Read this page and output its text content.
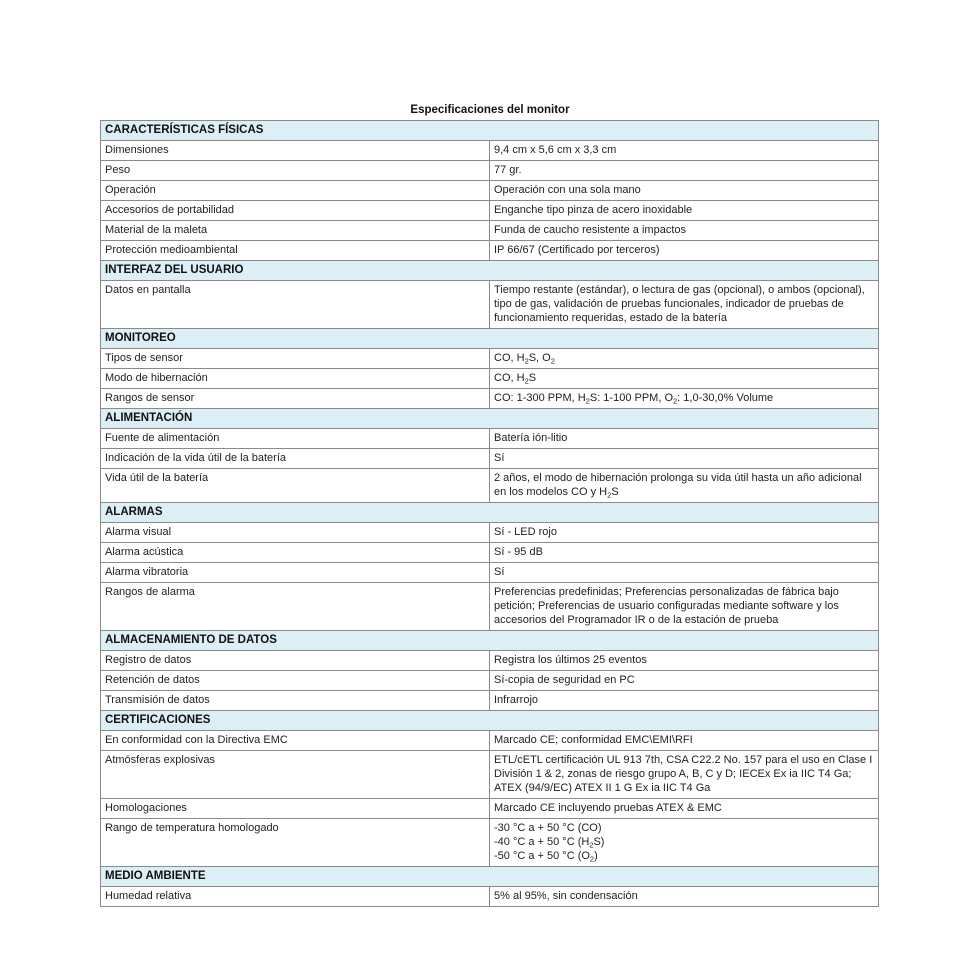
Especificaciones del monitor
CARACTERÍSTICAS FÍSICAS	
Dimensiones	9,4 cm x 5,6 cm x 3,3 cm
Peso	77 gr.
Operación	Operación con una sola mano
Accesorios de portabilidad	Enganche tipo pinza de acero inoxidable
Material de la maleta	Funda de caucho resistente a impactos
Protección medioambiental	IP 66/67 (Certificado por terceros)
INTERFAZ DEL USUARIO	
Datos en pantalla	Tiempo restante (estándar), o lectura de gas (opcional), o ambos (opcional), tipo de gas, validación de pruebas funcionales, indicador de pruebas de funcionamiento requeridas, estado de la batería
MONITOREO	
Tipos de sensor	CO, $H_2S$, $O_2$
Modo de hibernación	CO, $H_2S$
Rangos de sensor	CO: 1-300 PPM, $H_2S$: 1-100 PPM, $O_2$: 1,0-30,0% Volume
ALIMENTACIÓN	
Fuente de alimentación	Batería ión-litio
Indicación de la vida útil de la batería	Sí
Vida útil de la batería	2 años, el modo de hibernación prolonga su vida útil hasta un año adicional en los modelos CO y $H_2S$
ALARMAS	
Alarma visual	Sí - LED rojo
Alarma acústica	Sí - 95 dB
Alarma vibratoria	Sí
Rangos de alarma	Preferencias predefinidas; Preferencias personalizadas de fábrica bajo petición; Preferencias de usuario configuradas mediante software y los accesorios del Programador IR o de la estación de prueba
ALMACENAMIENTO DE DATOS	
Registro de datos	Registra los últimos 25 eventos
Retención de datos	Sí-copia de seguridad en PC
Transmisión de datos	Infrarrojo
CERTIFICACIONES	
En conformidad con la Directiva EMC	Marcado CE; conformidad EMC\EMI\RFI
Atmósferas explosivas	ETL/cETL certificación UL 913 7th, CSA C22.2 No. 157 para el uso en Clase I División 1 & 2, zonas de riesgo grupo A, B, C y D; IECEx Ex ia IIC T4 Ga; ATEX (94/9/EC) ATEX II 1 G Ex ia IIC T4 Ga
Homologaciones	Marcado CE incluyendo pruebas ATEX & EMC
Rango de temperatura homologado	-30 °C a + 50 °C (CO)
-40 °C a + 50 °C $(H_2S)$
-50 °C a + 50 °C $(O_2)$

MEDIO AMBIENTE	
Humedad relativa	5% al 95%, sin condensación
